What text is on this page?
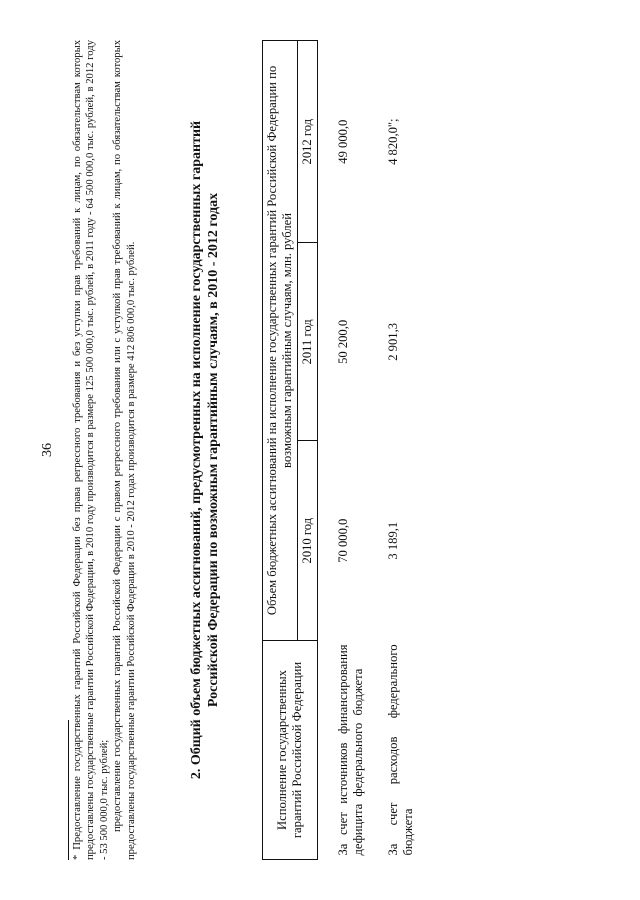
36 * Предоставление государственных гарантий Российской Федерации без права регрессного требования и без уступки прав требований к лицам, по обязательствам которых предоставлены государственные гарантии Российской Федерации, в 2010 году производится в размере 125 500 000,0 тыс. рублей, в 2011 году - 64 500 000,0 тыс. рублей, в 2012 году - 53 500 000,0 тыс. рублей; предоставление государственных гарантий Российской Федерации с правом регрессного требования или с уступкой прав требований к лицам, по обязательствам которых предоставлены государственные гарантии Российской Федерации в 2010 - 2012 годах производится в размере 412 806 000,0 тыс. рублей.	2. Общий объем бюджетных ассигнований, предусмотренных на исполнение государственных гарантий Российской Федерации по возможным гарантийным случаям, в 2010 - 2012 годах
Исполнение государственных гарантий Российской Федерации	Объем бюджетных ассигнований на исполнение государственных гарантий Российской Федерации по возможным гарантийным случаям, млн. рублей		
	2010 год	2011 год	2012 год
За счет источников финансирования дефицита федерального бюджета	70 000,0	50 200,0	49 000,0
За счет расходов федерального бюджета	3 189,1	2 901,3	4 820,0";
